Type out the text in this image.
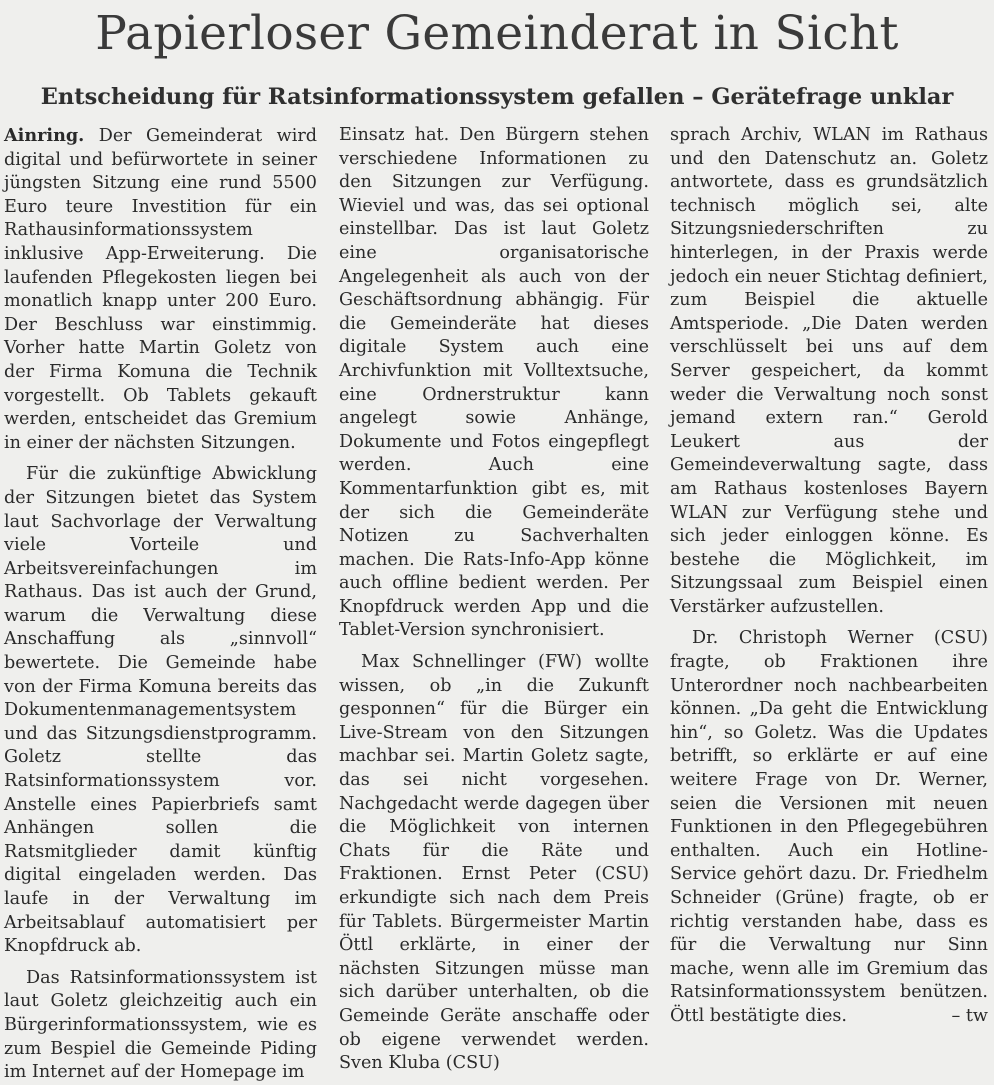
Papierloser Gemeinderat in Sicht
Entscheidung für Ratsinformationssystem gefallen – Gerätefrage unklar

Ainring. Der Gemeinderat wird digital und befürwortete in seiner jüngsten Sitzung eine rund 5500 Euro teure Investition für ein Rathausinformationssystem inklusive App-Erweiterung. Die laufenden Pflegekosten liegen bei monatlich knapp unter 200 Euro. Der Beschluss war einstimmig. Vorher hatte Martin Goletz von der Firma Komuna die Technik vorgestellt. Ob Tablets gekauft werden, entscheidet das Gremium in einer der nächsten Sitzungen.

Für die zukünftige Abwicklung der Sitzungen bietet das System laut Sachvorlage der Verwaltung viele Vorteile und Arbeitsvereinfachungen im Rathaus. Das ist auch der Grund, warum die Verwaltung diese Anschaffung als „sinnvoll“ bewertete. Die Gemeinde habe von der Firma Komuna bereits das Dokumentenmanagementsystem und das Sitzungsdienstprogramm. Goletz stellte das Ratsinformationssystem vor. Anstelle eines Papierbriefs samt Anhängen sollen die Ratsmitglieder damit künftig digital eingeladen werden. Das laufe in der Verwaltung im Arbeitsablauf automatisiert per Knopfdruck ab.

Das Ratsinformationssystem ist laut Goletz gleichzeitig auch ein Bürgerinformationssystem, wie es zum Bespiel die Gemeinde Piding im Internet auf der Homepage im

Einsatz hat. Den Bürgern stehen verschiedene Informationen zu den Sitzungen zur Verfügung. Wieviel und was, das sei optional einstellbar. Das ist laut Goletz eine organisatorische Angelegenheit als auch von der Geschäftsordnung abhängig. Für die Gemeinderäte hat dieses digitale System auch eine Archivfunktion mit Volltextsuche, eine Ordnerstruktur kann angelegt sowie Anhänge, Dokumente und Fotos eingepflegt werden. Auch eine Kommentarfunktion gibt es, mit der sich die Gemeinderäte Notizen zu Sachverhalten machen. Die Rats-Info-App könne auch offline bedient werden. Per Knopfdruck werden App und die Tablet-Version synchronisiert.

Max Schnellinger (FW) wollte wissen, ob „in die Zukunft gesponnen“ für die Bürger ein Live-Stream von den Sitzungen machbar sei. Martin Goletz sagte, das sei nicht vorgesehen. Nachgedacht werde dagegen über die Möglichkeit von internen Chats für die Räte und Fraktionen. Ernst Peter (CSU) erkundigte sich nach dem Preis für Tablets. Bürgermeister Martin Öttl erklärte, in einer der nächsten Sitzungen müsse man sich darüber unterhalten, ob die Gemeinde Geräte anschaffe oder ob eigene verwendet werden. Sven Kluba (CSU)

sprach Archiv, WLAN im Rathaus und den Datenschutz an. Goletz antwortete, dass es grundsätzlich technisch möglich sei, alte Sitzungsniederschriften zu hinterlegen, in der Praxis werde jedoch ein neuer Stichtag definiert, zum Beispiel die aktuelle Amtsperiode. „Die Daten werden verschlüsselt bei uns auf dem Server gespeichert, da kommt weder die Verwaltung noch sonst jemand extern ran.“ Gerold Leukert aus der Gemeindeverwaltung sagte, dass am Rathaus kostenloses Bayern WLAN zur Verfügung stehe und sich jeder einloggen könne. Es bestehe die Möglichkeit, im Sitzungssaal zum Beispiel einen Verstärker aufzustellen.

Dr. Christoph Werner (CSU) fragte, ob Fraktionen ihre Unterordner noch nachbearbeiten können. „Da geht die Entwicklung hin“, so Goletz. Was die Updates betrifft, so erklärte er auf eine weitere Frage von Dr. Werner, seien die Versionen mit neuen Funktionen in den Pflegegebühren enthalten. Auch ein Hotline-Service gehört dazu. Dr. Friedhelm Schneider (Grüne) fragte, ob er richtig verstanden habe, dass es für die Verwaltung nur Sinn mache, wenn alle im Gremium das Ratsinformationssystem benützen. Öttl bestätigte dies.	– tw
